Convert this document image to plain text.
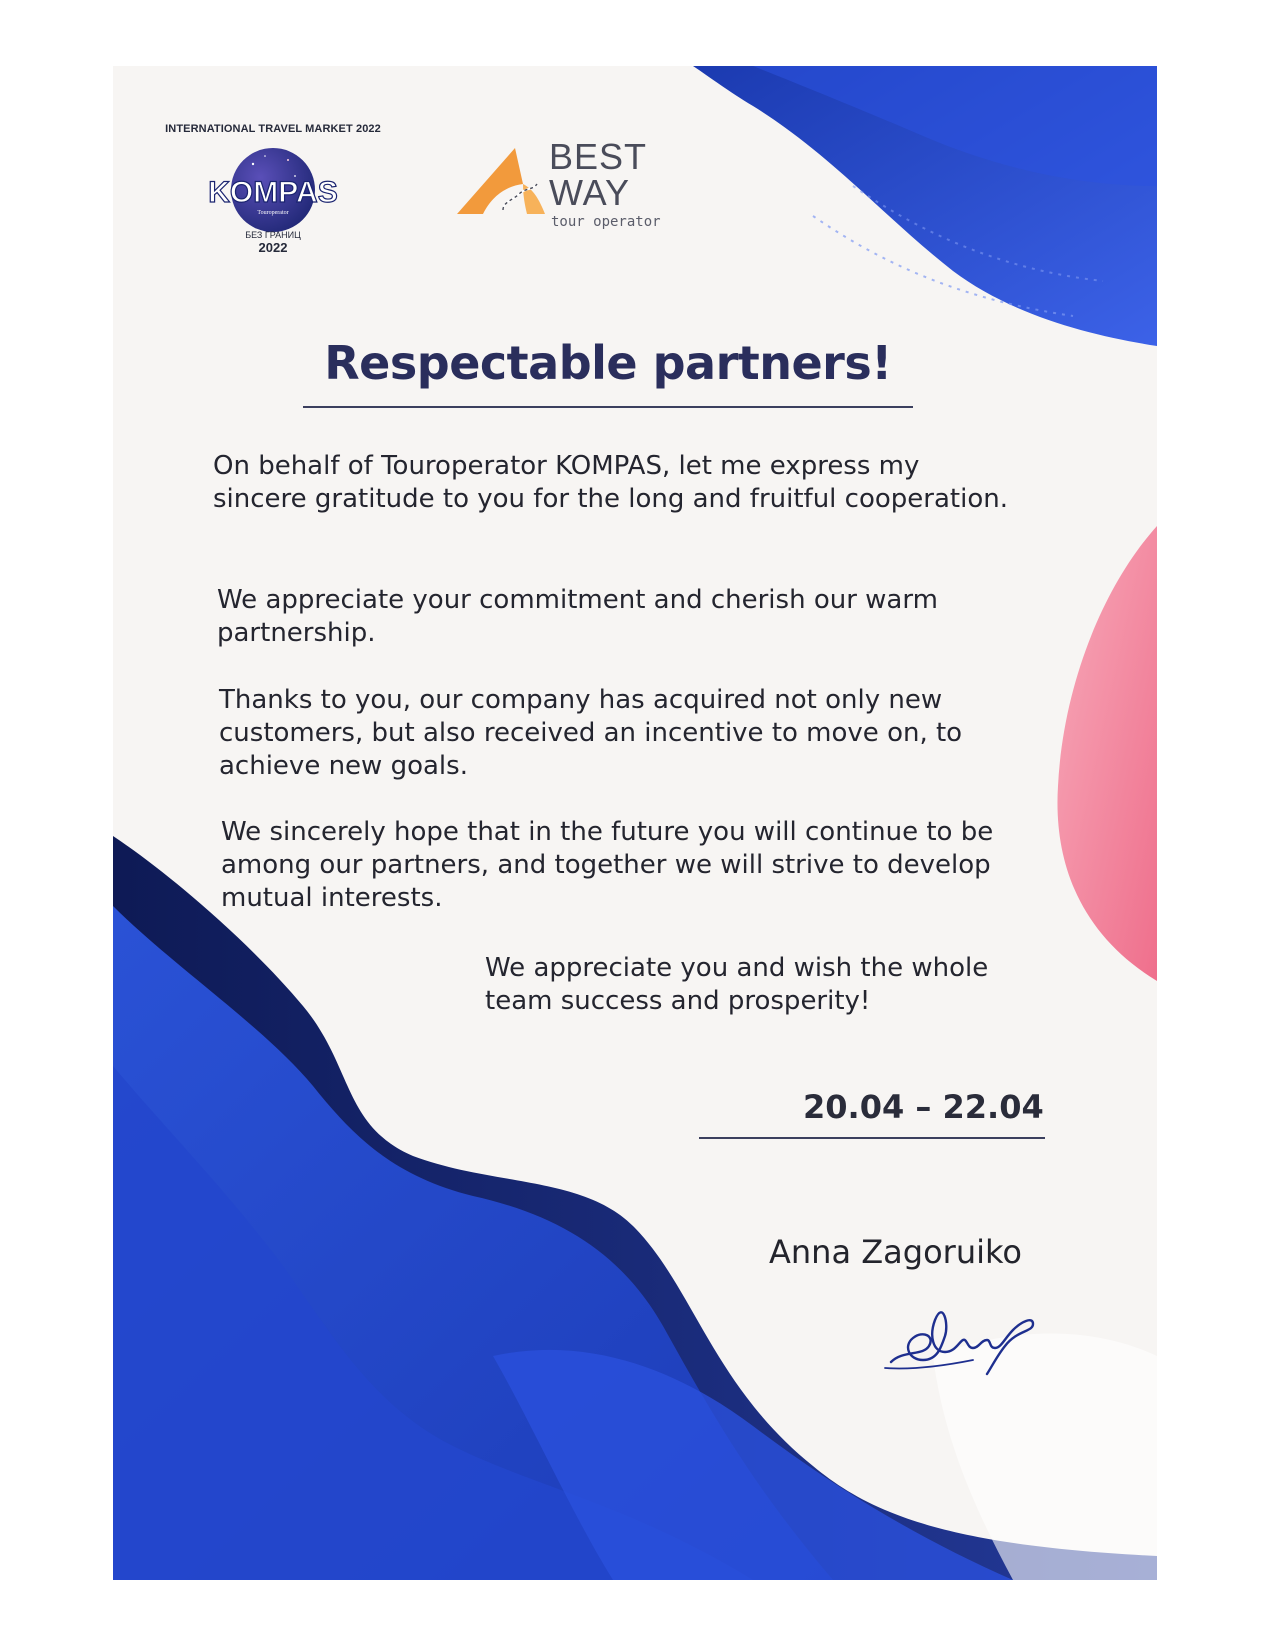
INTERNATIONAL TRAVEL MARKET 2022
KOMPAS
Touroperator
БЕЗ ГРАНИЦ
2022
BEST
WAY
tour operator
Respectable partners!

On behalf of Touroperator KOMPAS, let me express my sincere gratitude to you for the long and fruitful cooperation.

We appreciate your commitment and cherish our warm partnership.

Thanks to you, our company has acquired not only new customers, but also received an incentive to move on, to achieve new goals.

We sincerely hope that in the future you will continue to be among our partners, and together we will strive to develop mutual interests.

We appreciate you and wish the whole team success and prosperity!

20.04 – 22.04
Anna Zagoruiko
